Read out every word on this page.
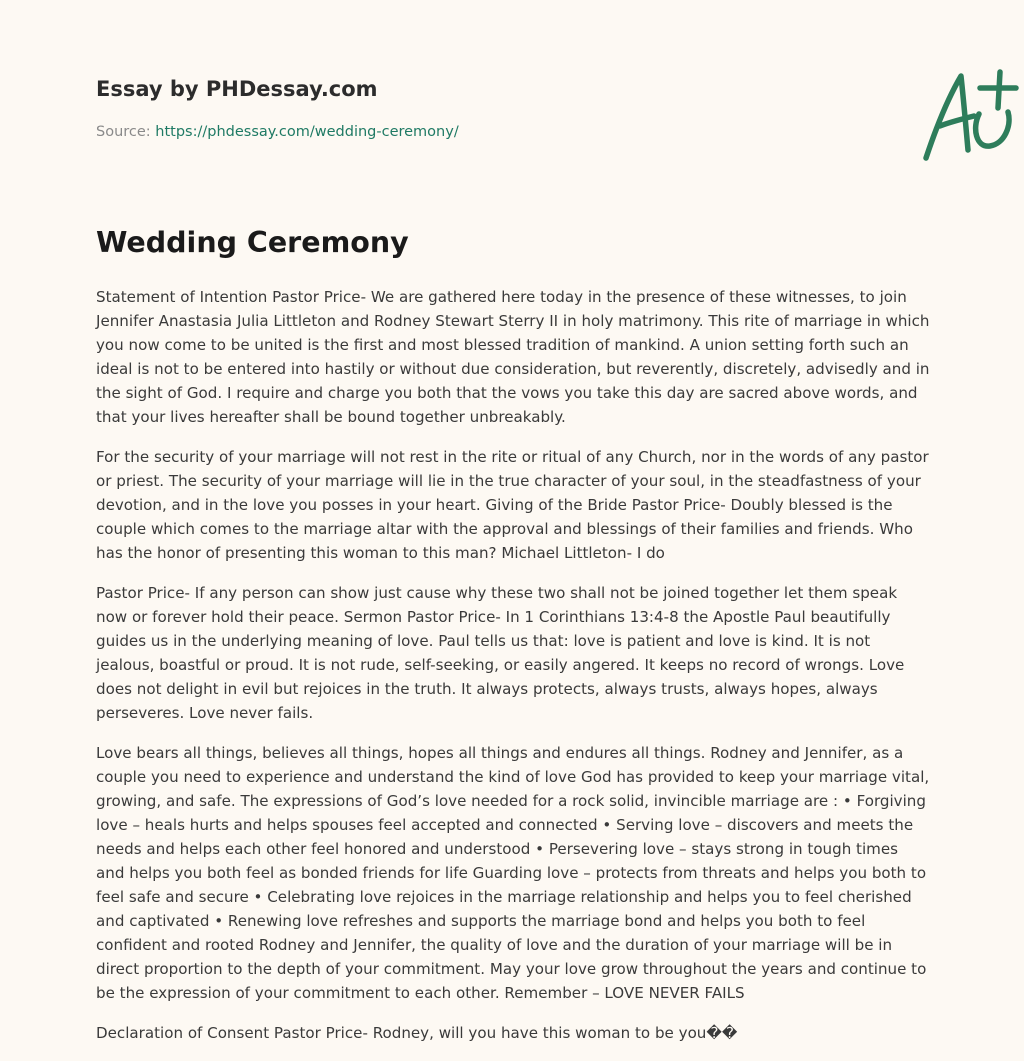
Essay by PHDessay.com
Source: https://phdessay.com/wedding-ceremony/
Wedding Ceremony

Statement of Intention Pastor Price- We are gathered here today in the presence of these witnesses, to join Jennifer Anastasia Julia Littleton and Rodney Stewart Sterry II in holy matrimony. This rite of marriage in which you now come to be united is the first and most blessed tradition of mankind. A union setting forth such an ideal is not to be entered into hastily or without due consideration, but reverently, discretely, advisedly and in the sight of God. I require and charge you both that the vows you take this day are sacred above words, and that your lives hereafter shall be bound together unbreakably.

For the security of your marriage will not rest in the rite or ritual of any Church, nor in the words of any pastor or priest. The security of your marriage will lie in the true character of your soul, in the steadfastness of your devotion, and in the love you posses in your heart. Giving of the Bride Pastor Price- Doubly blessed is the couple which comes to the marriage altar with the approval and blessings of their families and friends. Who has the honor of presenting this woman to this man? Michael Littleton- I do

Pastor Price- If any person can show just cause why these two shall not be joined together let them speak now or forever hold their peace. Sermon Pastor Price- In 1 Corinthians 13:4-8 the Apostle Paul beautifully guides us in the underlying meaning of love. Paul tells us that: love is patient and love is kind. It is not jealous, boastful or proud. It is not rude, self-seeking, or easily angered. It keeps no record of wrongs. Love does not delight in evil but rejoices in the truth. It always protects, always trusts, always hopes, always perseveres. Love never fails.

Love bears all things, believes all things, hopes all things and endures all things. Rodney and Jennifer, as a couple you need to experience and understand the kind of love God has provided to keep your marriage vital, growing, and safe. The expressions of God’s love needed for a rock solid, invincible marriage are : • Forgiving love – heals hurts and helps spouses feel accepted and connected • Serving love – discovers and meets the needs and helps each other feel honored and understood • Persevering love – stays strong in tough times and helps you both feel as bonded friends for life Guarding love – protects from threats and helps you both to feel safe and secure • Celebrating love rejoices in the marriage relationship and helps you to feel cherished and captivated • Renewing love refreshes and supports the marriage bond and helps you both to feel confident and rooted Rodney and Jennifer, the quality of love and the duration of your marriage will be in direct proportion to the depth of your commitment. May your love grow throughout the years and continue to be the expression of your commitment to each other. Remember – LOVE NEVER FAILS

Declaration of Consent Pastor Price- Rodney, will you have this woman to be you��
